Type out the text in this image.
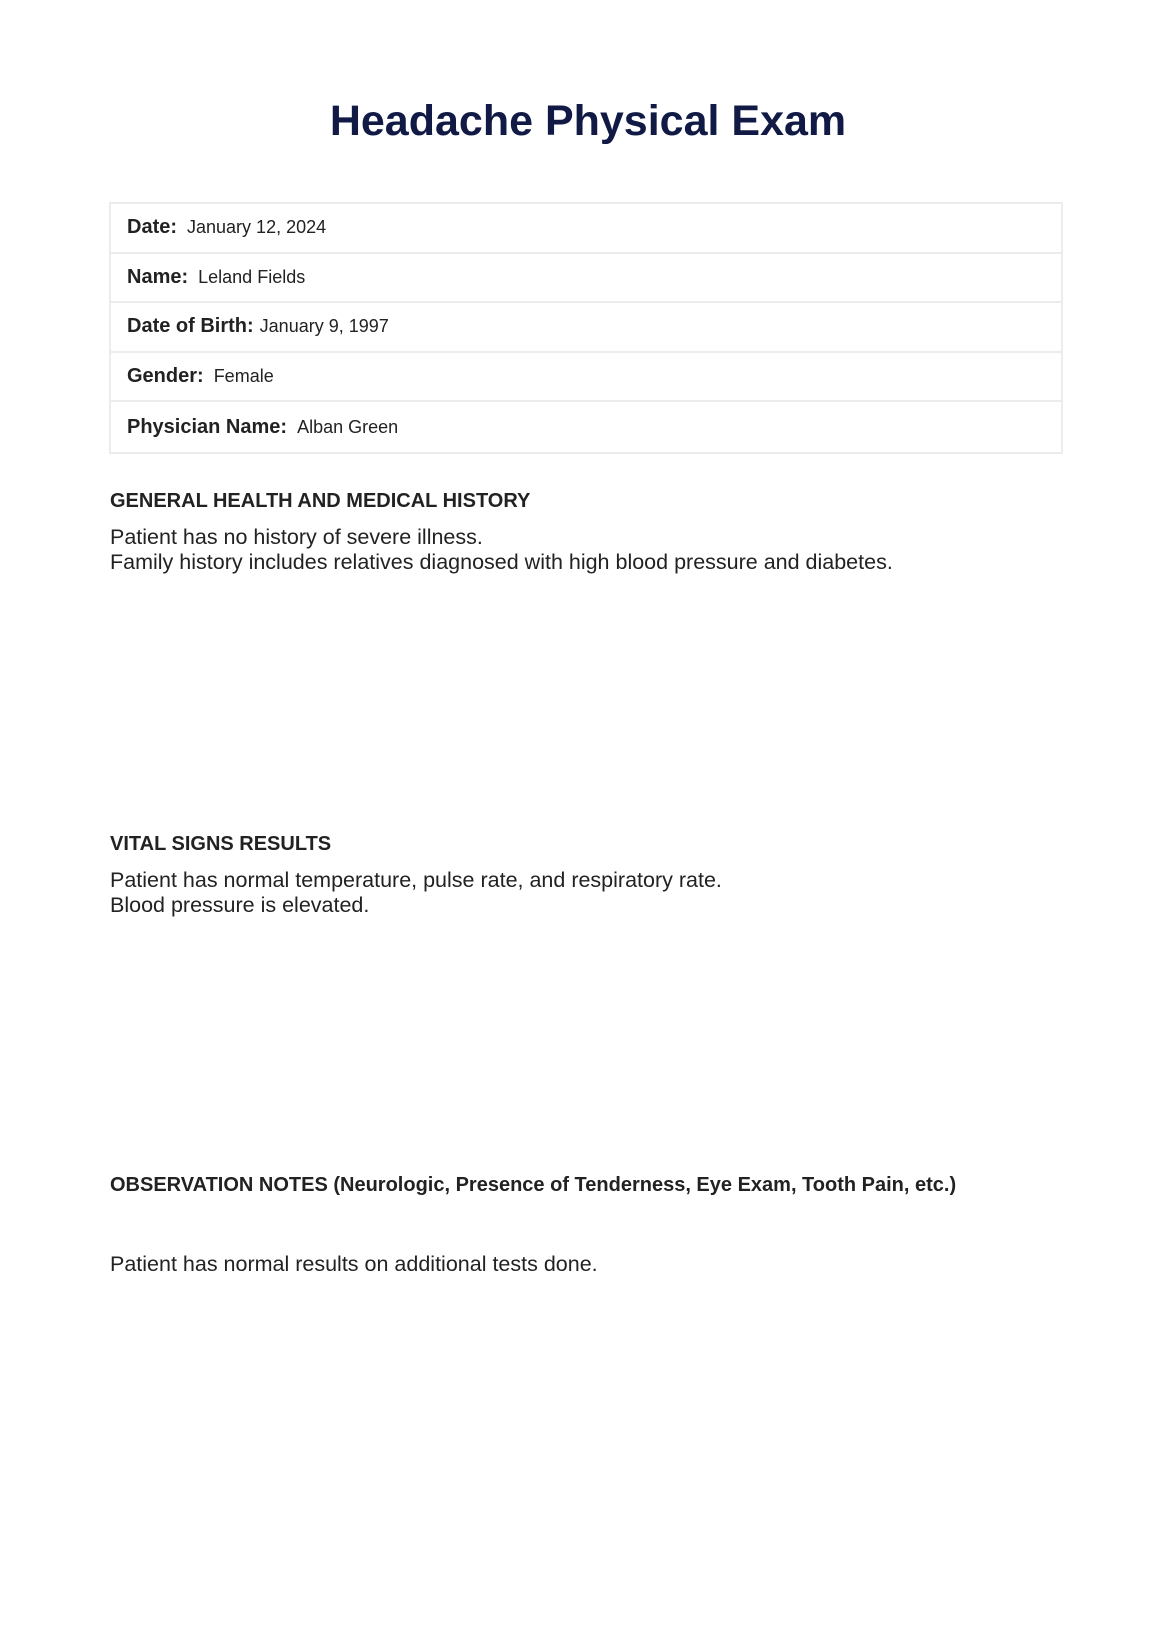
Headache Physical Exam
Date: January 12, 2024
Name: Leland Fields
Date of Birth: January 9, 1997
Gender: Female
Physician Name: Alban Green
GENERAL HEALTH AND MEDICAL HISTORY

Patient has no history of severe illness.

Family history includes relatives diagnosed with high blood pressure and diabetes.

VITAL SIGNS RESULTS

Patient has normal temperature, pulse rate, and respiratory rate.

Blood pressure is elevated.

OBSERVATION NOTES (Neurologic, Presence of Tenderness, Eye Exam, Tooth Pain, etc.)

Patient has normal results on additional tests done.
